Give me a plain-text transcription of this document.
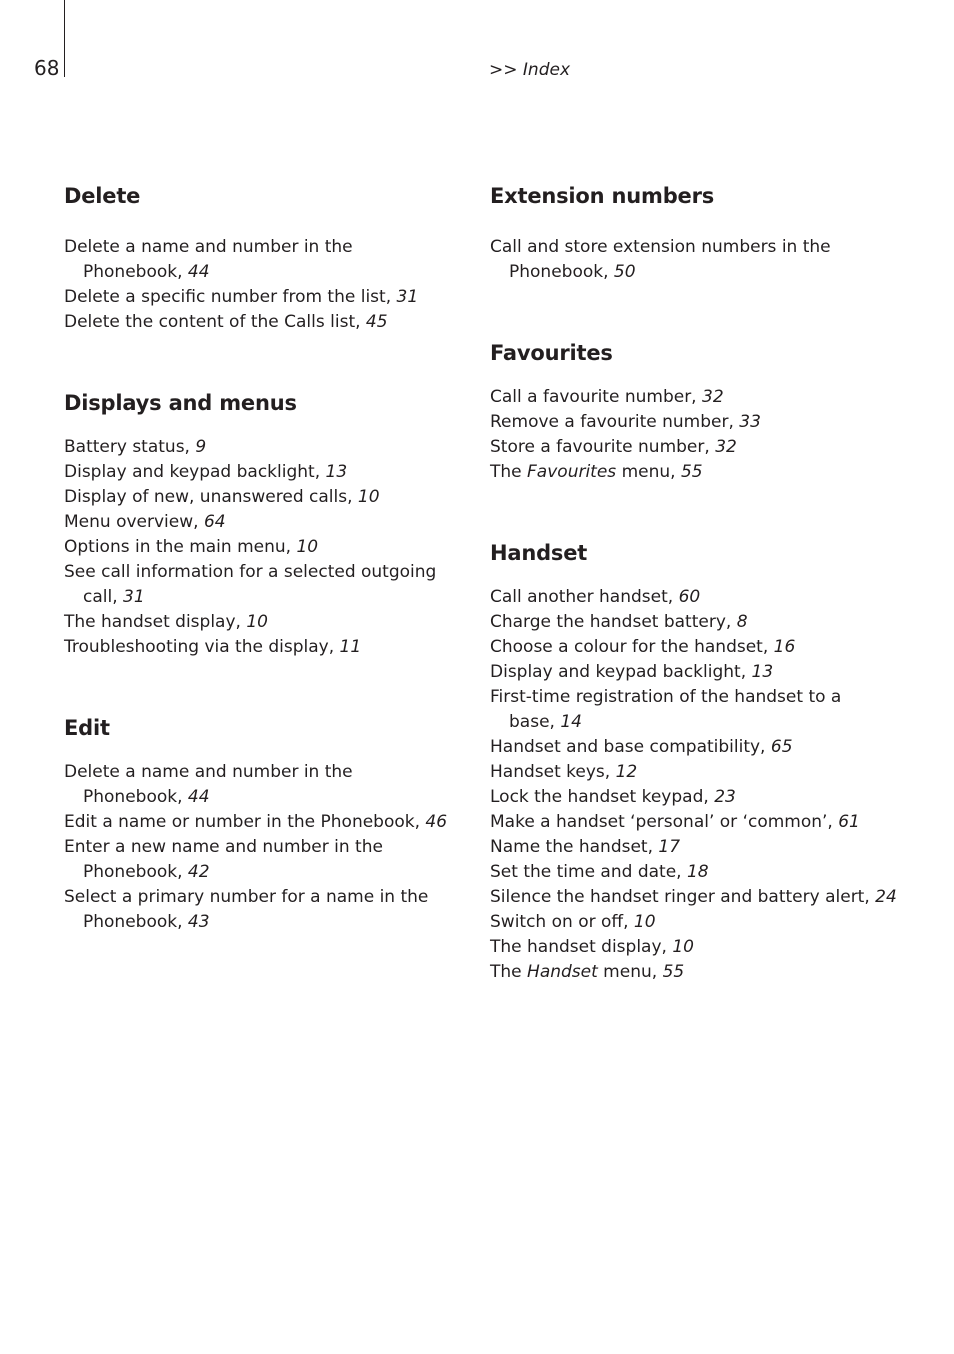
68	>> Index
Delete
Delete a name and number in the
Phonebook, 44
Delete a specific number from the list, 31
Delete the content of the Calls list, 45
Displays and menus
Battery status, 9
Display and keypad backlight, 13
Display of new, unanswered calls, 10
Menu overview, 64
Options in the main menu, 10
See call information for a selected outgoing
call, 31
The handset display, 10
Troubleshooting via the display, 11
Edit
Delete a name and number in the
Phonebook, 44
Edit a name or number in the Phonebook, 46
Enter a new name and number in the
Phonebook, 42
Select a primary number for a name in the
Phonebook, 43
Extension numbers
Call and store extension numbers in the
Phonebook, 50
Favourites
Call a favourite number, 32
Remove a favourite number, 33
Store a favourite number, 32
The Favourites menu, 55
Handset
Call another handset, 60
Charge the handset battery, 8
Choose a colour for the handset, 16
Display and keypad backlight, 13
First-time registration of the handset to a
base, 14
Handset and base compatibility, 65
Handset keys, 12
Lock the handset keypad, 23
Make a handset ‘personal’ or ‘common’, 61
Name the handset, 17
Set the time and date, 18
Silence the handset ringer and battery alert, 24
Switch on or off, 10
The handset display, 10
The Handset menu, 55
